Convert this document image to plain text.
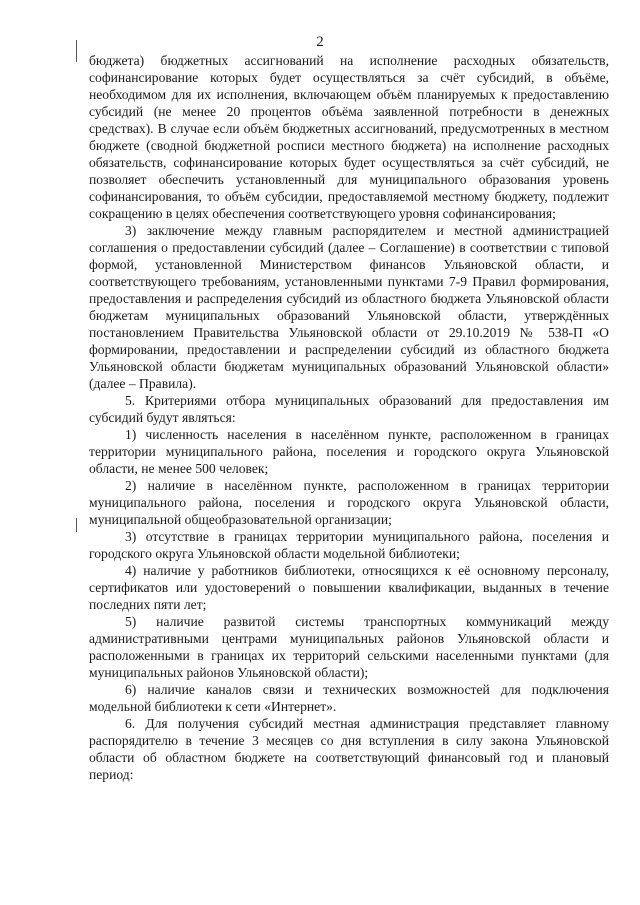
2

бюджета) бюджетных ассигнований на исполнение расходных обязательств, софинансирование которых будет осуществляться за счёт субсидий, в объёме, необходимом для их исполнения, включающем объём планируемых к предоставлению субсидий (не менее 20 процентов объёма заявленной потребности в денежных средствах). В случае если объём бюджетных ассигнований, предусмотренных в местном бюджете (сводной бюджетной росписи местного бюджета) на исполнение расходных обязательств, софинансирование которых будет осуществляться за счёт субсидий, не позволяет обеспечить установленный для муниципального образования уровень софинансирования, то объём субсидии, предоставляемой местному бюджету, подлежит сокращению в целях обеспечения соответствующего уровня софинансирования;

3) заключение между главным распорядителем и местной администрацией соглашения о предоставлении субсидий (далее – Соглашение) в соответствии с типовой формой, установленной Министерством финансов Ульяновской области, и соответствующего требованиям, установленными пунктами 7-9 Правил формирования, предоставления и распределения субсидий из областного бюджета Ульяновской области бюджетам муниципальных образований Ульяновской области, утверждённых постановлением Правительства Ульяновской области от 29.10.2019 № 538-П «О формировании, предоставлении и распределении субсидий из областного бюджета Ульяновской области бюджетам муниципальных образований Ульяновской области» (далее – Правила).

5. Критериями отбора муниципальных образований для предоставления им субсидий будут являться:

1) численность населения в населённом пункте, расположенном в границах территории муниципального района, поселения и городского округа Ульяновской области, не менее 500 человек;

2) наличие в населённом пункте, расположенном в границах территории муниципального района, поселения и городского округа Ульяновской области, муниципальной общеобразовательной организации;

3) отсутствие в границах территории муниципального района, поселения и городского округа Ульяновской области модельной библиотеки;

4) наличие у работников библиотеки, относящихся к её основному персоналу, сертификатов или удостоверений о повышении квалификации, выданных в течение последних пяти лет;

5) наличие развитой системы транспортных коммуникаций между административными центрами муниципальных районов Ульяновской области и расположенными в границах их территорий сельскими населенными пунктами (для муниципальных районов Ульяновской области);

6) наличие каналов связи и технических возможностей для подключения модельной библиотеки к сети «Интернет».

6. Для получения субсидий местная администрация представляет главному распорядителю в течение 3 месяцев со дня вступления в силу закона Ульяновской области об областном бюджете на соответствующий финансовый год и плановый период:
